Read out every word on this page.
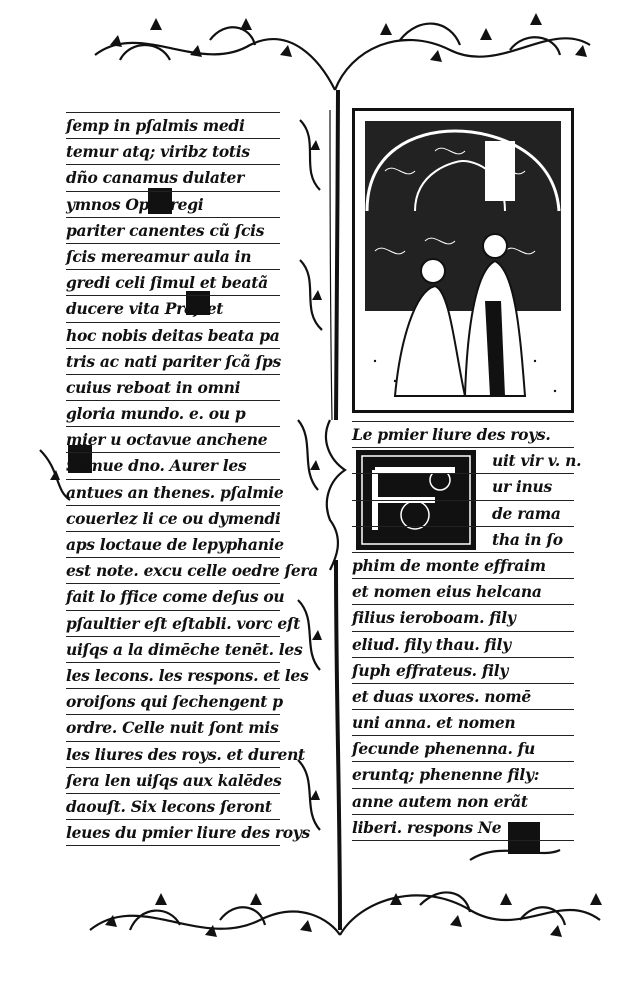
ſemp in pſalmis medi
temur atq; viribz totis
dño canamus dulater
ymnos Opio regi
pariter canentes cũ ſcis
ſcis mereamur aula in
gredi celi ſimul et beatã
ducere vita Preſtet
hoc nobis deitas beata pa
tris ac nati pariter ſcã ſps
cuius reboat in omni
gloria mundo. e. ou p
mier u octavue anchene
Semue dno. Aurer les
antues an thenes. pſalmie
couerlez li ce ou dymendi
aps loctaue de lepyphanie
est note. excu celle oedre ſera
fait lo ffice come deſus ou
pſaultier eſt eſtabli. vorc eſt
uiſqs a la dimēche tenēt. les
les lecons. les respons. et les
oroiſons qui ſechengent p
ordre. Celle nuit ſont mis
les liures des roys. et durent
ſera len uiſqs aux kalēdes
daouſt. Six lecons ſeront
leues du pmier liure des roys
Le pmier liure des roys.
uit vir v. n.
ur inus
de rama
tha in ſo
phim de monte effraim
et nomen eius helcana
filius ieroboam. fily
eliud. fily thau. fily
ſuph effrateus. fily
et duas uxores. nomē
uni anna. et nomen
ſecunde phenenna. fu
eruntq; phenenne fily:
anne autem non erãt
liberi. respons Ne
